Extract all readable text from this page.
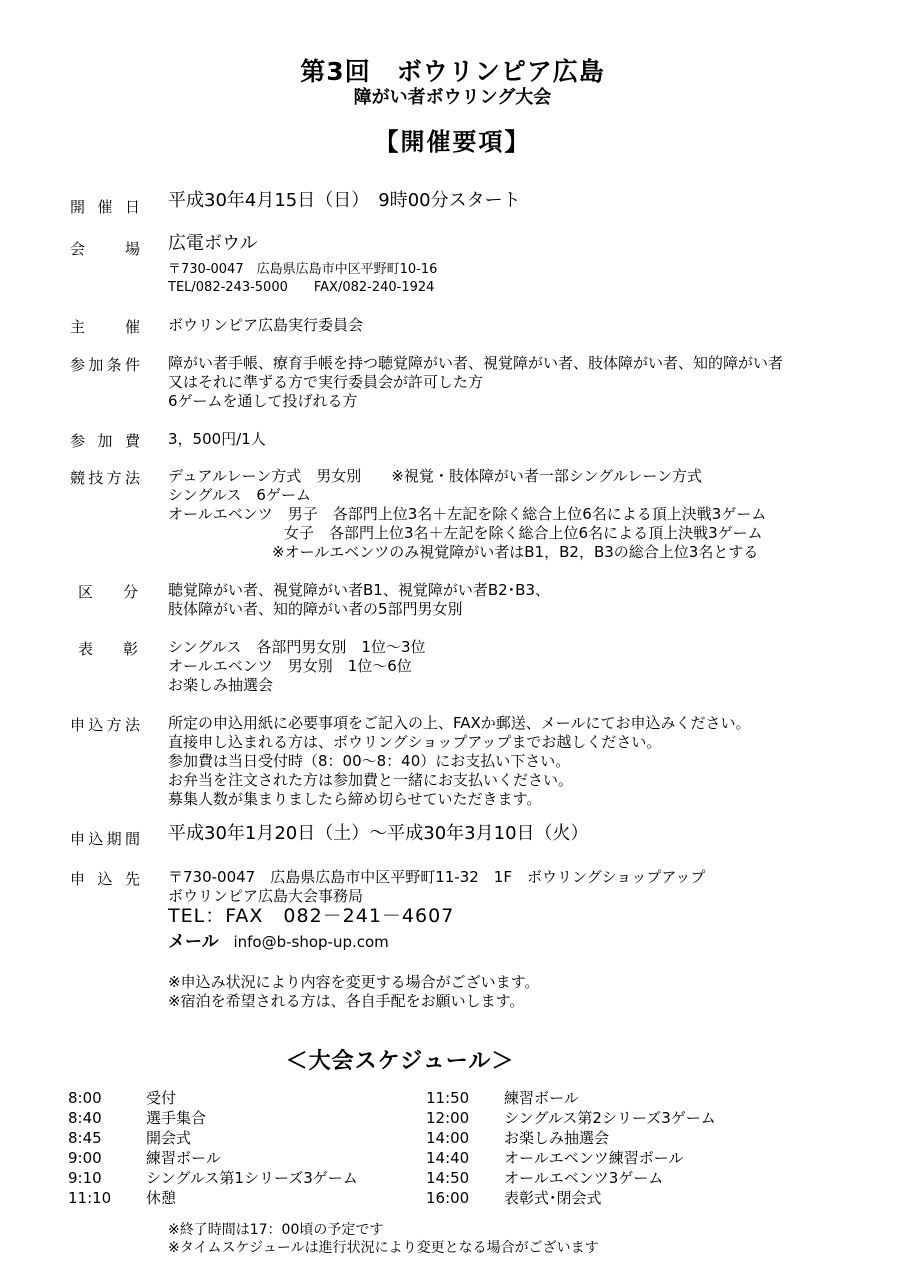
第3回　ボウリンピア広島
障がい者ボウリング大会
【開催要項】
開催日 平成30年4月15日（日）　9時00分スタート
会場 広電ボウル
〒730-0047　広島県広島市中区平野町10-16
TEL/082-243-5000　　FAX/082-240-1924
主催 ボウリンピア広島実行委員会
参加条件 障がい者手帳、療育手帳を持つ聴覚障がい者、視覚障がい者、肢体障がい者、知的障がい者
又はそれに準ずる方で実行委員会が許可した方
6ゲームを通して投げれる方
参加費 3，500円/1人
競技方法 デュアルレーン方式　男女別　　※視覚・肢体障がい者一部シングルレーン方式
シングルス　6ゲーム
オールエベンツ　男子　各部門上位3名＋左記を除く総合上位6名による頂上決戦3ゲーム
女子　各部門上位3名＋左記を除く総合上位6名による頂上決戦3ゲーム
※オールエベンツのみ視覚障がい者はB1，B2，B3の総合上位3名とする
区分 聴覚障がい者、視覚障がい者B1、視覚障がい者B2･B3、
肢体障がい者、知的障がい者の5部門男女別
表彰 シングルス　各部門男女別　1位～3位
オールエベンツ　男女別　1位～6位
お楽しみ抽選会
申込方法 所定の申込用紙に必要事項をご記入の上、FAXか郵送、メールにてお申込みください。
直接申し込まれる方は、ボウリングショップアップまでお越しください。
参加費は当日受付時（8：00～8：40）にお支払い下さい。
お弁当を注文された方は参加費と一緒にお支払いください。
募集人数が集まりましたら締め切らせていただきます。
申込期間 平成30年1月20日（土）～平成30年3月10日（火）
申込先 〒730-0047　広島県広島市中区平野町11-32　1F　ボウリングショップアップ
ボウリンピア広島大会事務局
TEL：FAX　082－241－4607
メール info@b-shop-up.com
※申込み状況により内容を変更する場合がございます。
※宿泊を希望される方は、各自手配をお願いします。
＜大会スケジュール＞
8:00	受付
8:40	選手集合
8:45	開会式
9:00	練習ボール
9:10	シングルス第1シリーズ3ゲーム
11:10 休憩
11:50 練習ボール
12:00 シングルス第2シリーズ3ゲーム
14:00 お楽しみ抽選会
14:40 オールエベンツ練習ボール
14:50 オールエベンツ3ゲーム
16:00 表彰式･閉会式
※終了時間は17：00頃の予定です
※タイムスケジュールは進行状況により変更となる場合がございます
